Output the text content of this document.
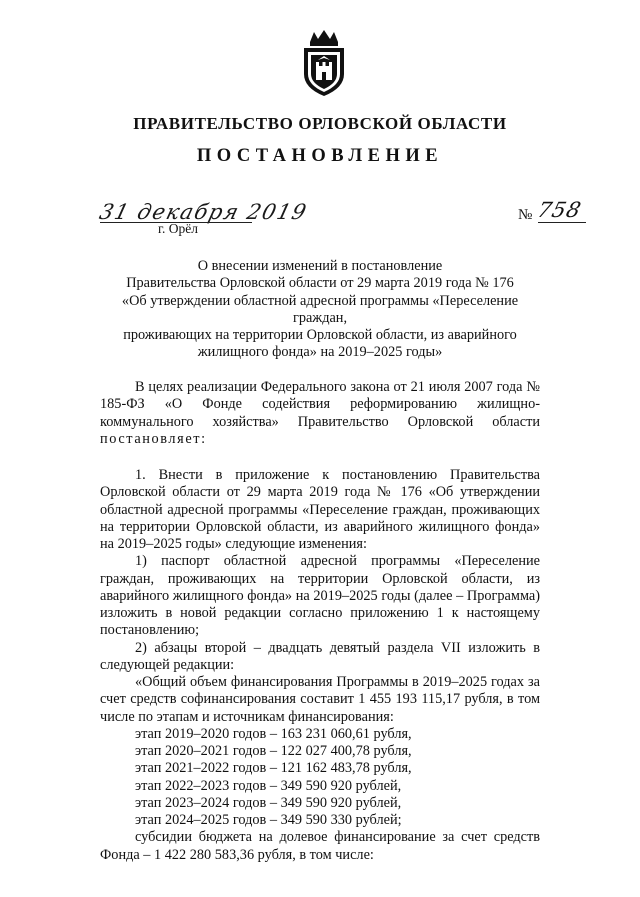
ПРАВИТЕЛЬСТВО ОРЛОВСКОЙ ОБЛАСТИ
ПОСТАНОВЛЕНИЕ
31 декабря 2019
г. Орёл
№ 758
О внесении изменений в постановление
Правительства Орловской области от 29 марта 2019 года № 176
«Об утверждении областной адресной программы «Переселение граждан,
проживающих на территории Орловской области, из аварийного
жилищного фонда» на 2019–2025 годы»

В целях реализации Федерального закона от 21 июля 2007 года № 185-ФЗ «О Фонде содействия реформированию жилищно-коммунального хозяйства» Правительство Орловской области постановляет:

1. Внести в приложение к постановлению Правительства Орловской области от 29 марта 2019 года № 176 «Об утверждении областной адресной программы «Переселение граждан, проживающих на территории Орловской области, из аварийного жилищного фонда» на 2019–2025 годы» следующие изменения:

1) паспорт областной адресной программы «Переселение граждан, проживающих на территории Орловской области, из аварийного жилищного фонда» на 2019–2025 годы (далее – Программа) изложить в новой редакции согласно приложению 1 к настоящему постановлению;

2) абзацы второй – двадцать девятый раздела VII изложить в следующей редакции:

«Общий объем финансирования Программы в 2019–2025 годах за счет средств софинансирования составит 1 455 193 115,17 рубля, в том числе по этапам и источникам финансирования:

этап 2019–2020 годов – 163 231 060,61 рубля,

этап 2020–2021 годов – 122 027 400,78 рубля,

этап 2021–2022 годов – 121 162 483,78 рубля,

этап 2022–2023 годов – 349 590 920 рублей,

этап 2023–2024 годов – 349 590 920 рублей,

этап 2024–2025 годов – 349 590 330 рублей;

субсидии бюджета на долевое финансирование за счет средств Фонда – 1 422 280 583,36 рубля, в том числе:
